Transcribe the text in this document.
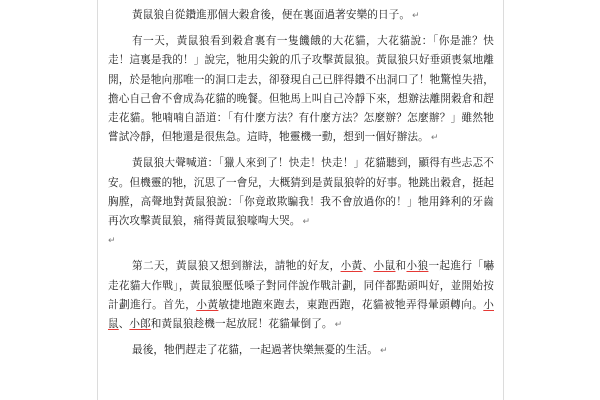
黃鼠狼自從鑽進那個大穀倉後，便在裏面過著安樂的日子。 ↵

有一天，黃鼠狼看到穀倉裏有一隻饑餓的大花貓，大花貓說：「你是誰？快走！這裏是我的！」說完，牠用尖銳的爪子攻擊黃鼠狼。黃鼠狼只好垂頭喪氣地離開，於是牠向那唯一的洞口走去，卻發現自己已胖得鑽不出洞口了！牠驚惶失措，擔心自己會不會成為花貓的晚餐。但牠馬上叫自己冷靜下來，想辦法離開穀倉和趕走花貓。牠喃喃自語道：「有什麼方法？有什麼方法？怎麼辦？怎麼辦？」雖然牠嘗試冷靜，但牠還是很焦急。這時，牠靈機一動，想到一個好辦法。 ↵

黃鼠狼大聲喊道：「獵人來到了！快走！快走！」花貓聽到，顯得有些忐忑不安。但機靈的牠，沉思了一會兒，大概猜到是黃鼠狼幹的好事。牠跳出穀倉，挺起胸膛，高聲地對黃鼠狼說：「你竟敢欺騙我！我不會放過你的！」牠用鋒利的牙齒再次攻擊黃鼠狼，痛得黃鼠狼嚎啕大哭。 ↵

↵

第二天，黃鼠狼又想到辦法，請牠的好友，小黃、小鼠和小狼一起進行「嚇走花貓大作戰」，黃鼠狼壓低嗓子對同伴說作戰計劃，同伴都點頭叫好，並開始按計劃進行。首先，小黃敏捷地跑來跑去，東跑西跑，花貓被牠弄得暈頭轉向。小鼠、小郎和黃鼠狼趁機一起放屁！花貓暈倒了。 ↵

最後，牠們趕走了花貓，一起過著快樂無憂的生活。 ↵
